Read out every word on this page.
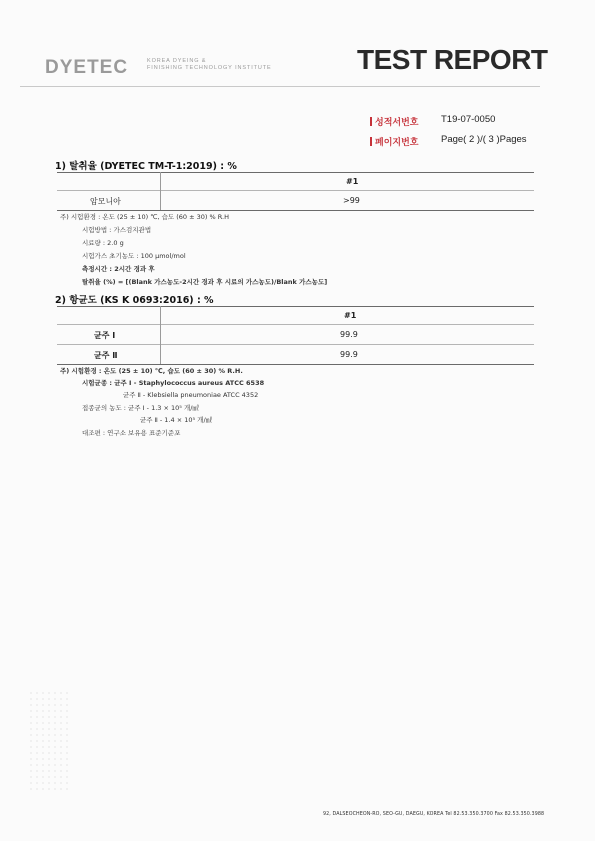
DYETEC	KOREA DYEING &
FINISHING TECHNOLOGY INSTITUTE	TEST REPORT
성적서번호 T19-07-0050
페이지번호 Page( 2 )/( 3 )Pages
1) 탈취율 (DYETEC TM-T-1:2019) : %
#1
암모니아	>99
주) 시험환경 : 온도 (25 ± 10) ℃, 습도 (60 ± 30) % R.H
시험방법 : 가스검지관법
시료량 : 2.0 g
시험가스 초기농도 : 100 μmol/mol
측정시간 : 2시간 경과 후
탈취율 (%) = [(Blank 가스농도-2시간 경과 후 시료의 가스농도)/Blank 가스농도]
2) 항균도 (KS K 0693:2016) : %
#1
균주 Ⅰ	99.9
균주 Ⅱ	99.9
주) 시험환경 : 온도 (25 ± 10) ℃, 습도 (60 ± 30) % R.H.
시험균종 : 균주 Ⅰ - Staphylococcus aureus ATCC 6538
균주 Ⅱ - Klebsiella pneumoniae ATCC 4352
접종균의 농도 : 균주 Ⅰ - 1.3 × 10⁵ 개/㎖
균주 Ⅱ - 1.4 × 10⁵ 개/㎖
대조편 : 연구소 보유용 표준기준포
92, DALSEOCHEON-RO, SEO-GU, DAEGU, KOREA Tel 82.53.350.3700 Fax 82.53.350.3988
